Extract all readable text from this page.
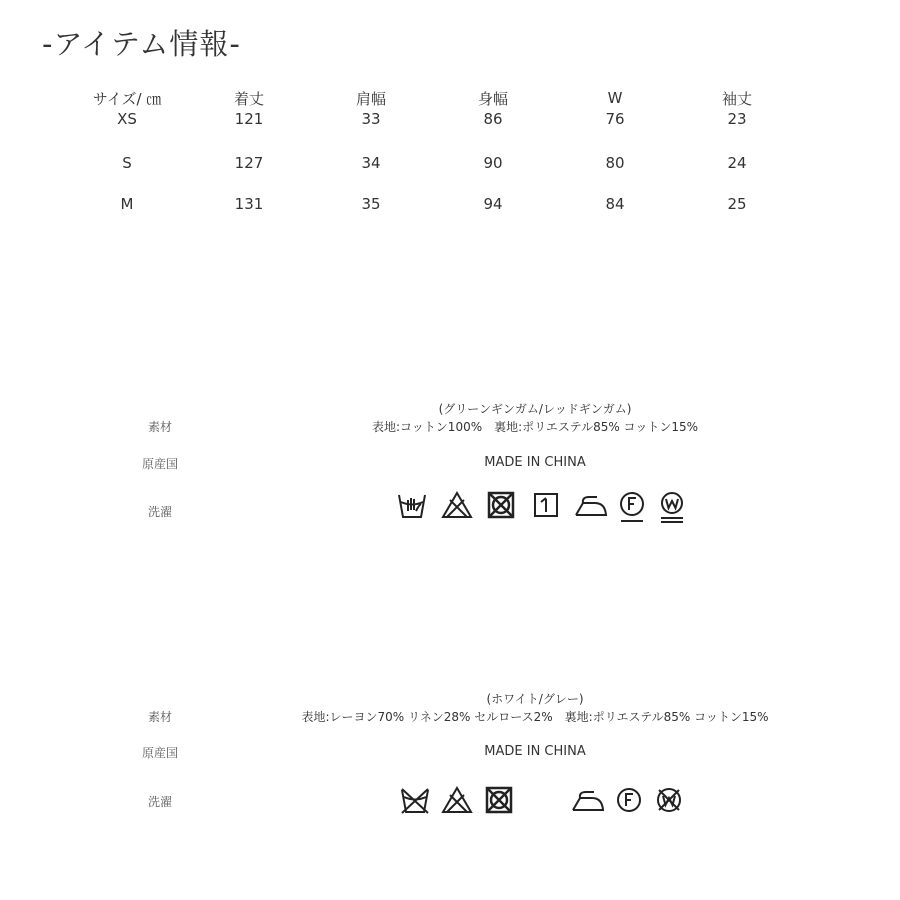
-アイテム情報-
サイズ/ ㎝	着丈	肩幅	身幅	W	袖丈
XS	121	33	86	76	23
S	127	34	90	80	24
M	131	35	94	84	25
(グリーンギンガム/レッドギンガム)
素材	表地:コットン100%　裏地:ポリエステル85% コットン15%
原産国	MADE IN CHINA
洗濯
(ホワイト/グレー)
素材	表地:レーヨン70% リネン28% セルロース2%　裏地:ポリエステル85% コットン15%
原産国	MADE IN CHINA
洗濯
